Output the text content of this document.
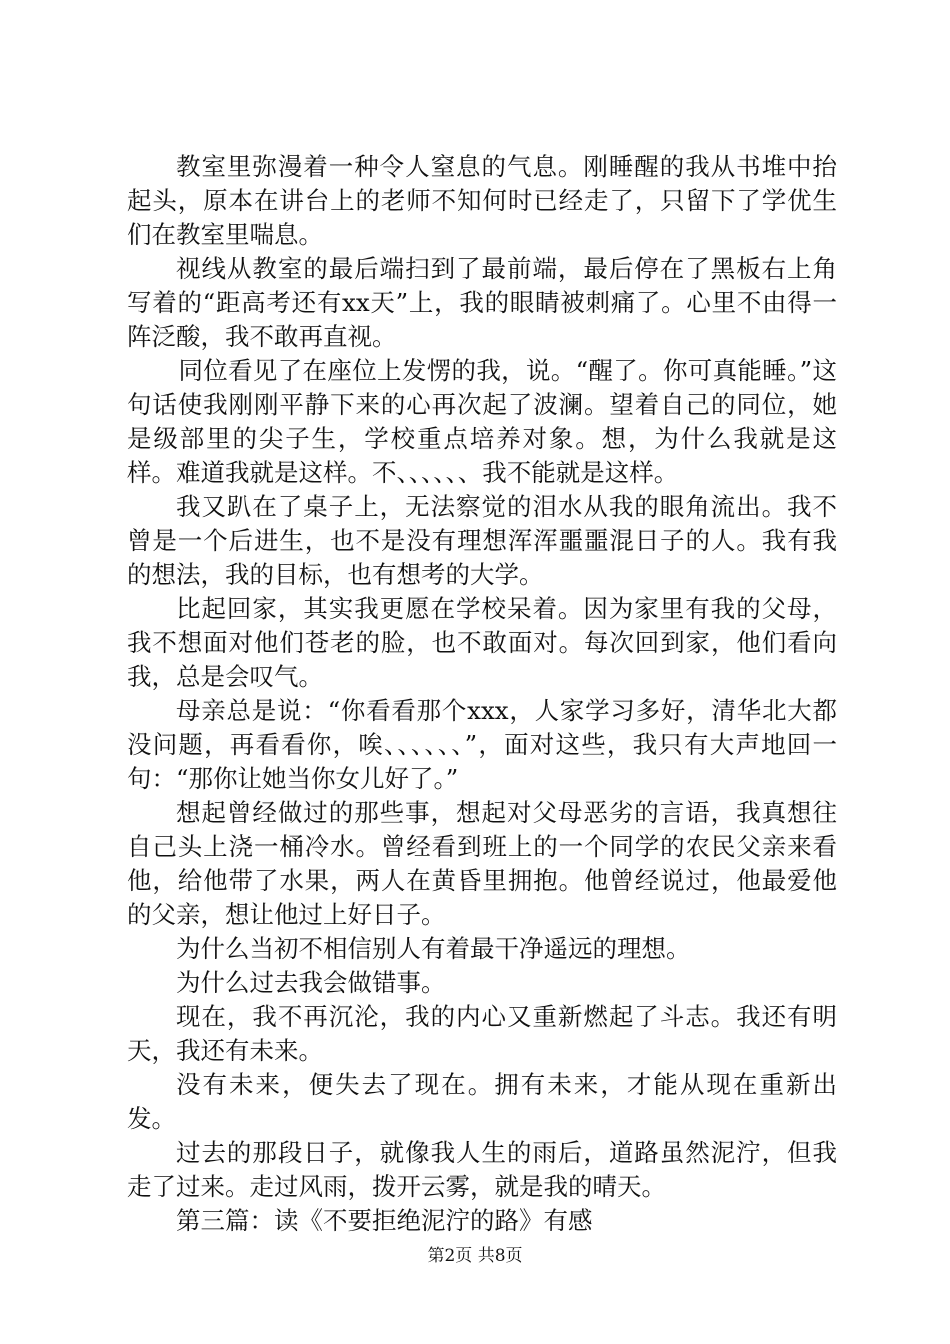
教室里弥漫着一种令人窒息的气息。刚睡醒的我从书堆中抬起头，原本在讲台上的老师不知何时已经走了，只留下了学优生们在教室里喘息。

视线从教室的最后端扫到了最前端，最后停在了黑板右上角写着的“距高考还有xx天”上，我的眼睛被刺痛了。心里不由得一阵泛酸，我不敢再直视。

同位看见了在座位上发愣的我，说。“醒了。你可真能睡。”这句话使我刚刚平静下来的心再次起了波澜。望着自己的同位，她是级部里的尖子生，学校重点培养对象。想，为什么我就是这样。难道我就是这样。不、、、、、、我不能就是这样。

我又趴在了桌子上，无法察觉的泪水从我的眼角流出。我不曾是一个后进生，也不是没有理想浑浑噩噩混日子的人。我有我的想法，我的目标，也有想考的大学。

比起回家，其实我更愿在学校呆着。因为家里有我的父母，我不想面对他们苍老的脸，也不敢面对。每次回到家，他们看向我，总是会叹气。

母亲总是说：“你看看那个xxx，人家学习多好，清华北大都没问题，再看看你，唉、、、、、、”，面对这些，我只有大声地回一句：“那你让她当你女儿好了。”

想起曾经做过的那些事，想起对父母恶劣的言语，我真想往自己头上浇一桶冷水。曾经看到班上的一个同学的农民父亲来看他，给他带了水果，两人在黄昏里拥抱。他曾经说过，他最爱他的父亲，想让他过上好日子。

为什么当初不相信别人有着最干净遥远的理想。

为什么过去我会做错事。

现在，我不再沉沦，我的内心又重新燃起了斗志。我还有明天，我还有未来。

没有未来，便失去了现在。拥有未来，才能从现在重新出发。

过去的那段日子，就像我人生的雨后，道路虽然泥泞，但我走了过来。走过风雨，拨开云雾，就是我的晴天。

第三篇：读《不要拒绝泥泞的路》有感

第2页 共8页
